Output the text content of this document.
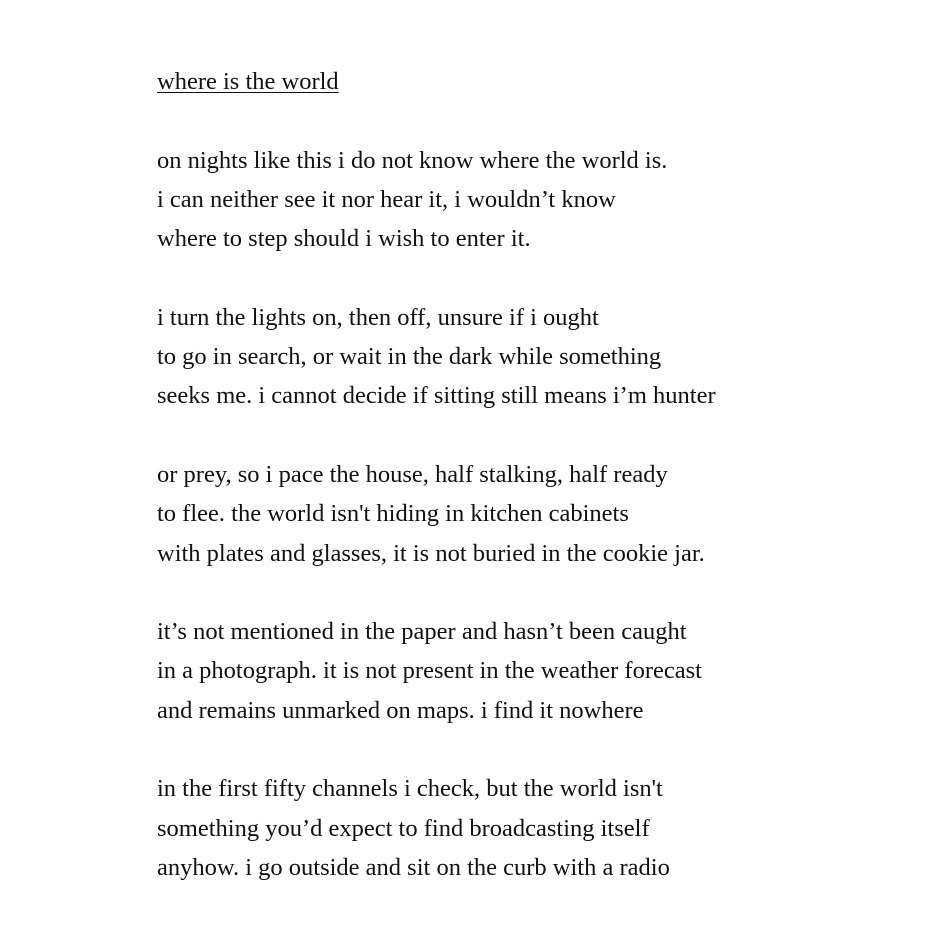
where is the world
on nights like this i do not know where the world is.
i can neither see it nor hear it, i wouldn’t know
where to step should i wish to enter it.
i turn the lights on, then off, unsure if i ought
to go in search, or wait in the dark while something
seeks me. i cannot decide if sitting still means i’m hunter
or prey, so i pace the house, half stalking, half ready
to flee. the world isn't hiding in kitchen cabinets
with plates and glasses, it is not buried in the cookie jar.
it’s not mentioned in the paper and hasn’t been caught
in a photograph. it is not present in the weather forecast
and remains unmarked on maps. i find it nowhere
in the first fifty channels i check, but the world isn't
something you’d expect to find broadcasting itself
anyhow. i go outside and sit on the curb with a radio
